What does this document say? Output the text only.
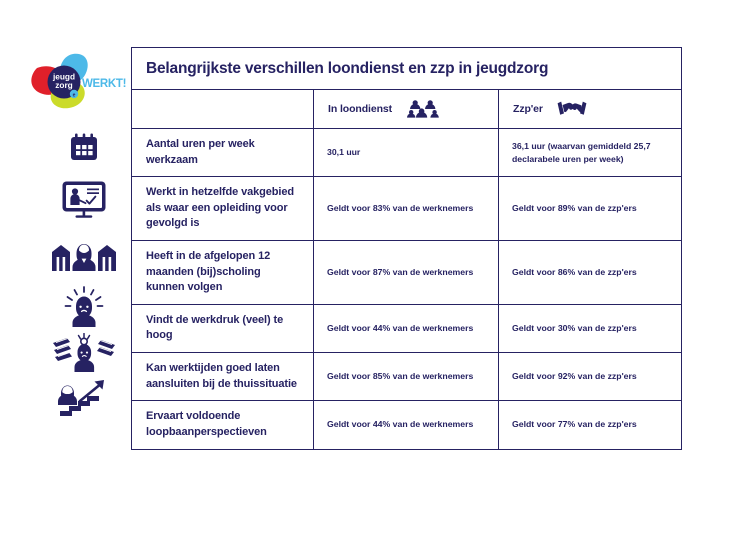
jeugd
zorg
e
WERKT!
Belangrijkste verschillen loondienst en zzp in jeugdzorg		

	In loondienst	Zzp'er

Aantal uren per week werkzaam	30,1 uur	36,1 uur (waarvan gemiddeld 25,7 declarabele uren per week)

Werkt in hetzelfde vakgebied als waar een opleiding voor gevolgd is	Geldt voor 83% van de werknemers	Geldt voor 89% van de zzp'ers

Heeft in de afgelopen 12 maanden (bij)scholing kunnen volgen	Geldt voor 87% van de werknemers	Geldt voor 86% van de zzp'ers

Vindt de werkdruk (veel) te hoog	Geldt voor 44% van de werknemers	Geldt voor 30% van de zzp'ers

Kan werktijden goed laten aansluiten bij de thuissituatie	Geldt voor 85% van de werknemers	Geldt voor 92% van de zzp'ers

Ervaart voldoende loopbaanperspectieven	Geldt voor 44% van de werknemers	Geldt voor 77% van de zzp'ers
